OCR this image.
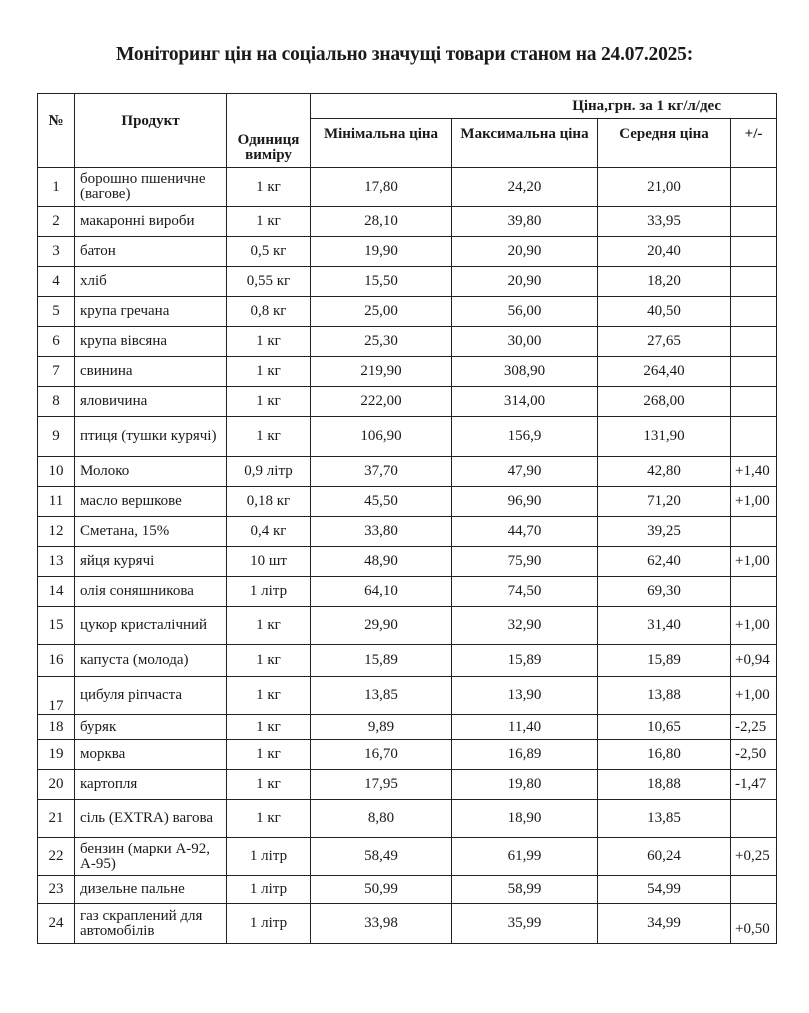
Моніторинг цін на соціально значущі товари станом на 24.07.2025:
№	Продукт	Одиниця виміру	Ціна,грн. за 1 кг/л/дес			
			Мінімальна ціна	Максимальна ціна	Середня ціна	+/-
1	борошно пшеничне (вагове)	1 кг	17,80	24,20	21,00	
2	макаронні вироби	1 кг	28,10	39,80	33,95	
3	батон	0,5 кг	19,90	20,90	20,40	
4	хліб	0,55 кг	15,50	20,90	18,20	
5	крупа гречана	0,8 кг	25,00	56,00	40,50	
6	крупа вівсяна	1 кг	25,30	30,00	27,65	
7	свинина	1 кг	219,90	308,90	264,40	
8	яловичина	1 кг	222,00	314,00	268,00	
9	птиця (тушки курячі)	1 кг	106,90	156,9	131,90	
10	Молоко	0,9 літр	37,70	47,90	42,80	+1,40
11	масло вершкове	0,18 кг	45,50	96,90	71,20	+1,00
12	Сметана, 15%	0,4 кг	33,80	44,70	39,25	
13	яйця курячі	10 шт	48,90	75,90	62,40	+1,00
14	олія соняшникова	1 літр	64,10	74,50	69,30	
15	цукор кристалічний	1 кг	29,90	32,90	31,40	+1,00
16	капуста (молода)	1 кг	15,89	15,89	15,89	+0,94
17	цибуля ріпчаста	1 кг	13,85	13,90	13,88	+1,00
18	буряк	1 кг	9,89	11,40	10,65	-2,25
19	морква	1 кг	16,70	16,89	16,80	-2,50
20	картопля	1 кг	17,95	19,80	18,88	-1,47
21	сіль (EXTRA) вагова	1 кг	8,80	18,90	13,85	
22	бензин (марки А-92, А-95)	1 літр	58,49	61,99	60,24	+0,25
23	дизельне пальне	1 літр	50,99	58,99	54,99	
24	газ скраплений для автомобілів	1 літр	33,98	35,99	34,99	+0,50
